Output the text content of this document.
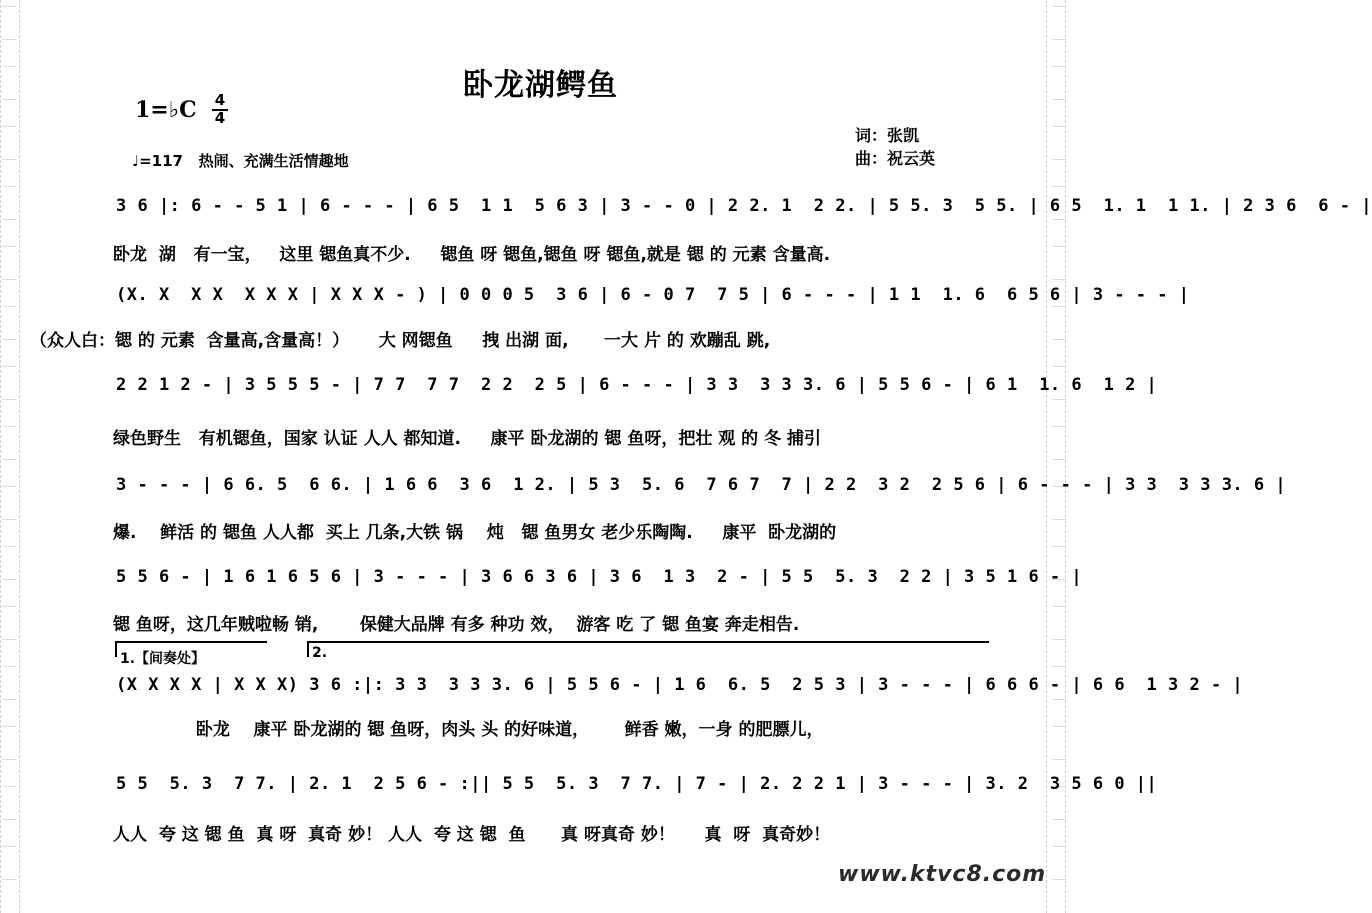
卧龙湖鳄鱼
1=♭C 4
4
词：张凯
曲：祝云英
♩=117   热闹、充满生活情趣地
3 6 |: 6 - - 5 1 | 6 - - - | 6 5  1 1  5 6 3 | 3 - - 0 | 2 2. 1  2 2. | 5 5. 3  5 5. | 6 5  1. 1  1 1. | 2 3 6  6 - |
卧龙  湖   有一宝，   这里 锶鱼真不少.     锶鱼 呀 锶鱼,锶鱼 呀 锶鱼,就是 锶 的 元素 含量高.
(X. X  X X  X X X | X X X - ) | 0 0 0 5  3 6 | 6 - 0 7  7 5 | 6 - - - | 1 1  1. 6  6 5 6 | 3 - - - |
（众人白：锶 的 元素  含量高,含量高！）     大 网锶鱼     拽 出湖 面,      一大 片 的 欢蹦乱 跳,
2 2 1 2 - | 3 5 5 5 - | 7 7  7 7  2 2  2 5 | 6 - - - | 3 3  3 3 3. 6 | 5 5 6 - | 6 1  1. 6  1 2 |
绿色野生   有机锶鱼，国家 认证 人人 都知道.     康平 卧龙湖的 锶 鱼呀，把壮 观 的 冬 捕引
3 - - - | 6 6. 5  6 6. | 1 6 6  3 6  1 2. | 5 3  5. 6  7 6 7  7 | 2 2  3 2  2 5 6 | 6 - - - | 3 3  3 3 3. 6 |
爆.    鲜活 的 锶鱼 人人都  买上 几条,大铁 锅    炖   锶 鱼男女 老少乐陶陶.     康平  卧龙湖的
5 5 6 - | 1 6 1 6 5 6 | 3 - - - | 3 6 6 3 6 | 3 6  1 3  2 - | 5 5  5. 3  2 2 | 3 5 1 6 - |
锶 鱼呀，这几年贼啦畅 销,       保健大品牌 有多 种功 效，  游客 吃 了 锶 鱼宴 奔走相告.
1.【间奏处】	2.
(X X X X | X X X) 3 6 :|: 3 3  3 3 3. 6 | 5 5 6 - | 1 6  6. 5  2 5 3 | 3 - - - | 6 6 6 - | 6 6  1 3 2 - |
卧龙    康平 卧龙湖的 锶 鱼呀，肉头 头 的好味道，      鲜香 嫩，一身 的肥膘儿，
5 5  5. 3  7 7. | 2. 1  2 5 6 - :|| 5 5  5. 3  7 7. | 7 - | 2. 2 2 1 | 3 - - - | 3. 2  3 5 6 0 ||
人人  夸 这 锶 鱼  真 呀  真奇 妙！ 人人  夸 这 锶  鱼      真 呀真奇 妙！     真  呀  真奇妙！
www.ktvc8.com
